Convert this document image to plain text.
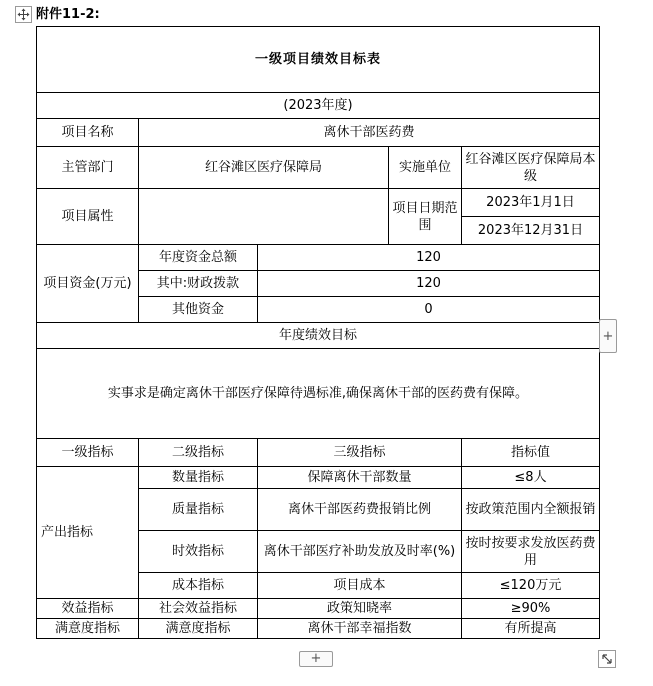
附件11-2:
一级项目绩效目标表				
(2023年度)				
项目名称	离休干部医药费			
主管部门	红谷滩区医疗保障局		实施单位	红谷滩区医疗保障局本级
项目属性			项目日期范围	2023年1月1日
				2023年12月31日
项目资金(万元)	年度资金总额	120		
	其中:财政拨款	120		
	其他资金	0		
年度绩效目标				
实事求是确定离休干部医疗保障待遇标准,确保离休干部的医药费有保障。				
一级指标	二级指标	三级指标		指标值
产出指标	数量指标	保障离休干部数量		≤8人
	质量指标	离休干部医药费报销比例		按政策范围内全额报销
	时效指标	离休干部医疗补助发放及时率(%)		按时按要求发放医药费用
	成本指标	项目成本		≤120万元
效益指标	社会效益指标	政策知晓率		≥90%
满意度指标	满意度指标	离休干部幸福指数		有所提高
+
+
